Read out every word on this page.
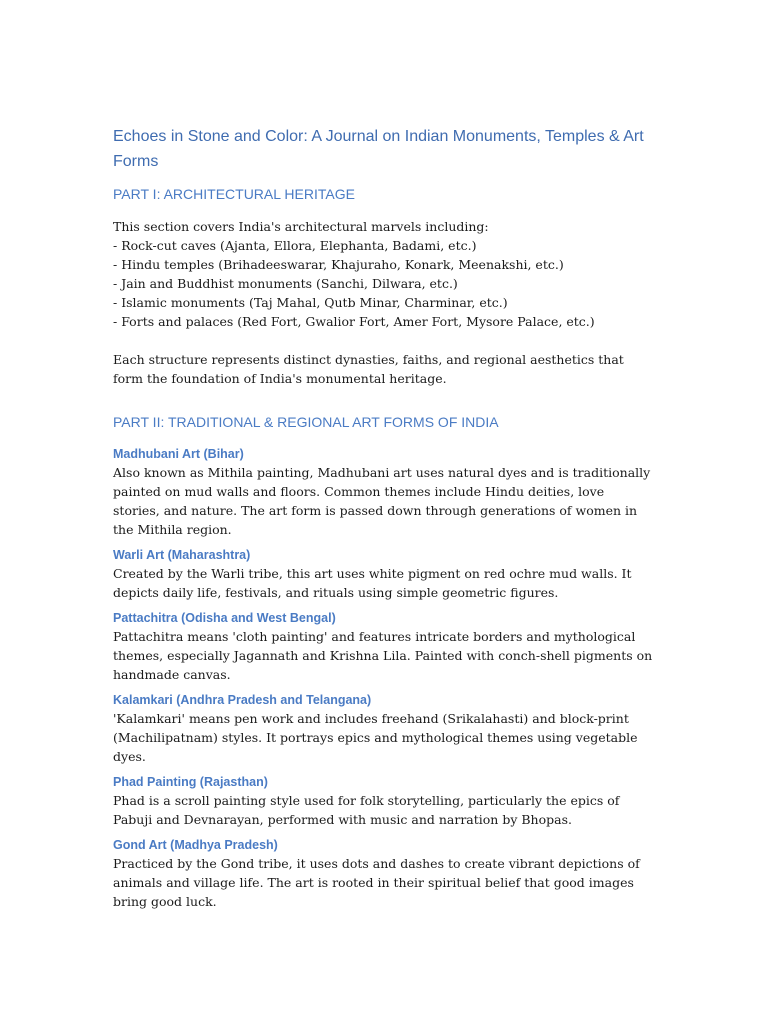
Echoes in Stone and Color: A Journal on Indian Monuments, Temples & Art Forms
PART I: ARCHITECTURAL HERITAGE

This section covers India's architectural marvels including:

- Rock-cut caves (Ajanta, Ellora, Elephanta, Badami, etc.)
- Hindu temples (Brihadeeswarar, Khajuraho, Konark, Meenakshi, etc.)
- Jain and Buddhist monuments (Sanchi, Dilwara, etc.)
- Islamic monuments (Taj Mahal, Qutb Minar, Charminar, etc.)
- Forts and palaces (Red Fort, Gwalior Fort, Amer Fort, Mysore Palace, etc.)

Each structure represents distinct dynasties, faiths, and regional aesthetics that form the foundation of India's monumental heritage.

PART II: TRADITIONAL & REGIONAL ART FORMS OF INDIA
Madhubani Art (Bihar)

Also known as Mithila painting, Madhubani art uses natural dyes and is traditionally painted on mud walls and floors. Common themes include Hindu deities, love stories, and nature. The art form is passed down through generations of women in the Mithila region.

Warli Art (Maharashtra)

Created by the Warli tribe, this art uses white pigment on red ochre mud walls. It depicts daily life, festivals, and rituals using simple geometric figures.

Pattachitra (Odisha and West Bengal)

Pattachitra means 'cloth painting' and features intricate borders and mythological themes, especially Jagannath and Krishna Lila. Painted with conch-shell pigments on handmade canvas.

Kalamkari (Andhra Pradesh and Telangana)

'Kalamkari' means pen work and includes freehand (Srikalahasti) and block-print (Machilipatnam) styles. It portrays epics and mythological themes using vegetable dyes.

Phad Painting (Rajasthan)

Phad is a scroll painting style used for folk storytelling, particularly the epics of Pabuji and Devnarayan, performed with music and narration by Bhopas.

Gond Art (Madhya Pradesh)

Practiced by the Gond tribe, it uses dots and dashes to create vibrant depictions of animals and village life. The art is rooted in their spiritual belief that good images bring good luck.
